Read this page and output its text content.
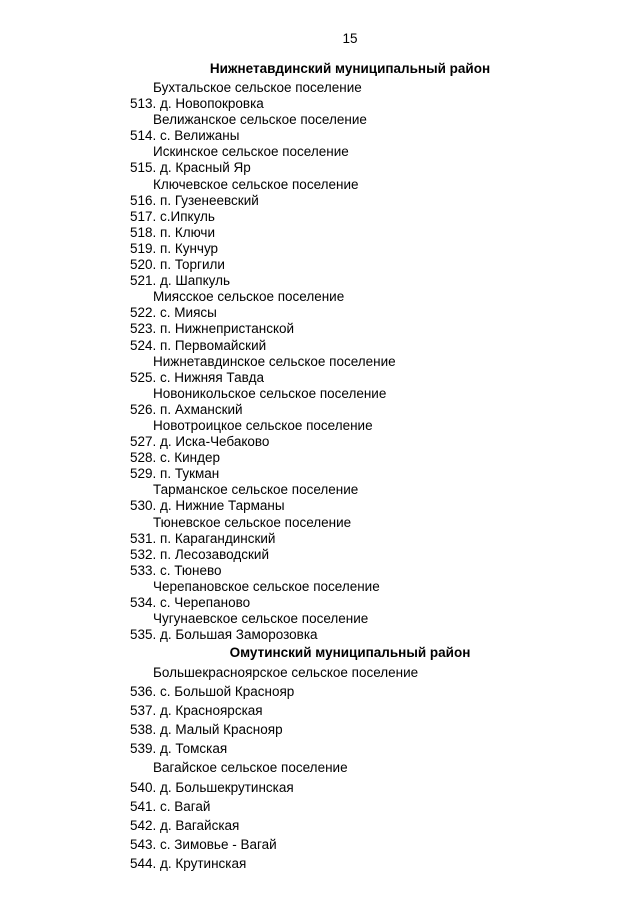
15
Нижнетавдинский муниципальный район
Бухтальское сельское поселение
513. д. Новопокровка
Велижанское сельское поселение
514. с. Велижаны
Искинское сельское поселение
515. д. Красный Яр
Ключевское сельское поселение
516. п. Гузенеевский
517. с.Ипкуль
518. п. Ключи
519. п. Кунчур
520. п. Торгили
521. д. Шапкуль
Миясское сельское поселение
522. с. Миясы
523. п. Нижнепристанской
524. п. Первомайский
Нижнетавдинское сельское поселение
525. с. Нижняя Тавда
Новоникольское сельское поселение
526. п. Ахманский
Новотроицкое сельское поселение
527. д. Иска-Чебаково
528. с. Киндер
529. п. Тукман
Тарманское сельское поселение
530. д. Нижние Тарманы
Тюневское сельское поселение
531. п. Карагандинский
532. п. Лесозаводский
533. с. Тюнево
Черепановское сельское поселение
534. с. Черепаново
Чугунаевское сельское поселение
535. д. Большая Заморозовка
Омутинский муниципальный район
Большекрасноярское сельское поселение
536. с. Большой Краснояр
537. д. Красноярская
538. д. Малый Краснояр
539. д. Томская
Вагайское сельское поселение
540. д. Большекрутинская
541. с. Вагай
542. д. Вагайская
543. с. Зимовье - Вагай
544. д. Крутинская
